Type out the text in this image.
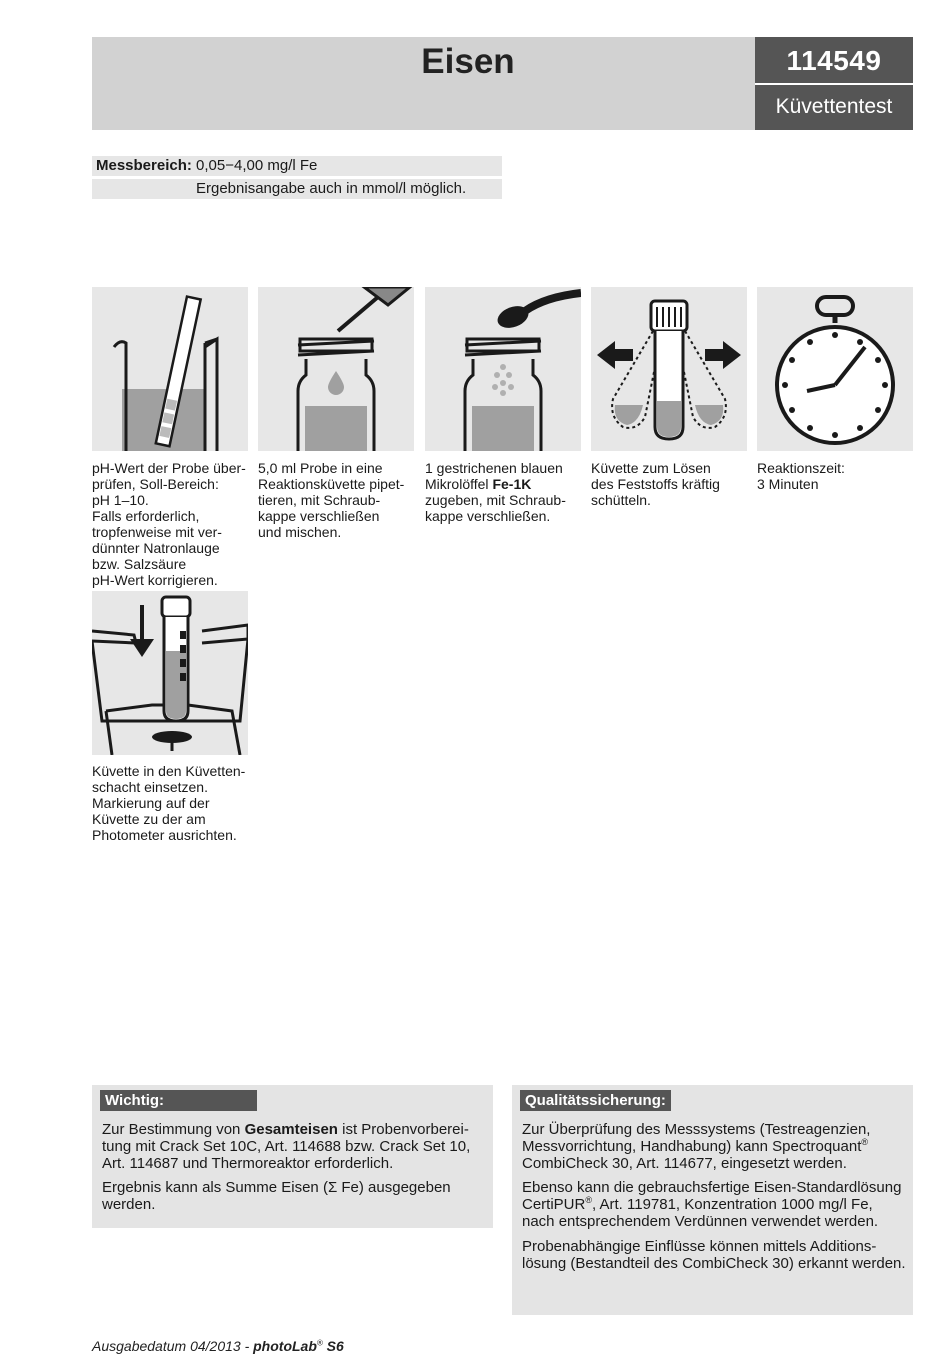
Eisen	114549
Küvettentest
Messbereich: 0,05−4,00 mg/l Fe
Ergebnisangabe auch in mmol/l möglich.
pH-Wert der Probe über-
prüfen, Soll-Bereich:
pH 1–10.
Falls erforderlich,
tropfenweise mit ver-
dünnter Natronlauge
bzw. Salzsäure
pH-Wert korrigieren.
5,0 ml Probe in eine
Reaktionsküvette pipet-
tieren, mit Schraub-
kappe verschließen
und mischen.
1 gestrichenen blauen
Mikrolöffel Fe-1K
zugeben, mit Schraub-
kappe verschließen.
Küvette zum Lösen
des Feststoffs kräftig
schütteln.
Reaktionszeit:
3 Minuten
Küvette in den Küvetten-
schacht einsetzen.
Markierung auf der
Küvette zu der am
Photometer ausrichten.
Wichtig:
Zur Bestimmung von Gesamteisen ist Probenvorberei-
tung mit Crack Set 10C, Art. 114688 bzw. Crack Set 10,
Art. 114687 und Thermoreaktor erforderlich.
Ergebnis kann als Summe Eisen (Σ Fe) ausgegeben
werden.
Qualitätssicherung:
Zur Überprüfung des Messsystems (Testreagenzien,
Messvorrichtung, Handhabung) kann Spectroquant®
CombiCheck 30, Art. 114677, eingesetzt werden.
Ebenso kann die gebrauchsfertige Eisen-Standardlösung
CertiPUR®, Art. 119781, Konzentration 1000 mg/l Fe,
nach entsprechendem Verdünnen verwendet werden.
Probenabhängige Einflüsse können mittels Additions-
lösung (Bestandteil des CombiCheck 30) erkannt werden.
Ausgabedatum 04/2013 - photoLab® S6
